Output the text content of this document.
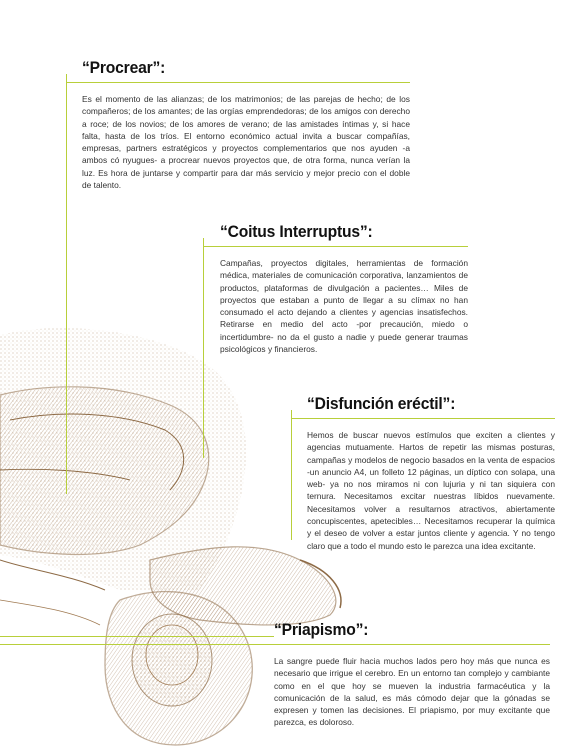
“Procrear”:
Es el momento de las alianzas; de los matrimonios; de las parejas de hecho; de los compañeros; de los amantes; de las orgías emprendedoras; de los amigos con derecho a roce; de los novios; de los amores de verano; de las amistades íntimas y, si hace falta, hasta de los tríos. El entorno económico actual invita a buscar compañías, empresas, partners estratégicos y proyectos complementarios que nos ayuden -a ambos có nyugues- a procrear nuevos proyectos que, de otra forma, nunca verían la luz. Es hora de juntarse y compartir para dar más servicio y mejor precio con el doble de talento.
“Coitus Interruptus”:
Campañas, proyectos digitales, herramientas de formación médica, materiales de comunicación corporativa, lanzamientos de productos, plataformas de divulgación a pacientes… Miles de proyectos que estaban a punto de llegar a su clímax no han consumado el acto dejando a clientes y agencias insatisfechos. Retirarse en medio del acto -por precaución, miedo o incertidumbre- no da el gusto a nadie y puede generar traumas psicológicos y financieros.
“Disfunción eréctil”:
Hemos de buscar nuevos estímulos que exciten a clientes y agencias mutuamente. Hartos de repetir las mismas posturas, campañas y modelos de negocio basados en la venta de espacios -un anuncio A4, un folleto 12 páginas, un díptico con solapa, una web- ya no nos miramos ni con lujuria y ni tan siquiera con ternura. Necesitamos excitar nuestras líbidos nuevamente. Necesitamos volver a resultarnos atractivos, abiertamente concupiscentes, apetecibles… Necesitamos recuperar la química y el deseo de volver a estar juntos cliente y agencia. Y no tengo claro que a todo el mundo esto le parezca una idea excitante.
“Priapismo”:
La sangre puede fluir hacia muchos lados pero hoy más que nunca es necesario que irrigue el cerebro. En un entorno tan complejo y cambiante como en el que hoy se mueven la industria farmacéutica y la comunicación de la salud, es más cómodo dejar que la gónadas se expresen y tomen las decisiones. El priapismo, por muy excitante que parezca, es doloroso.
